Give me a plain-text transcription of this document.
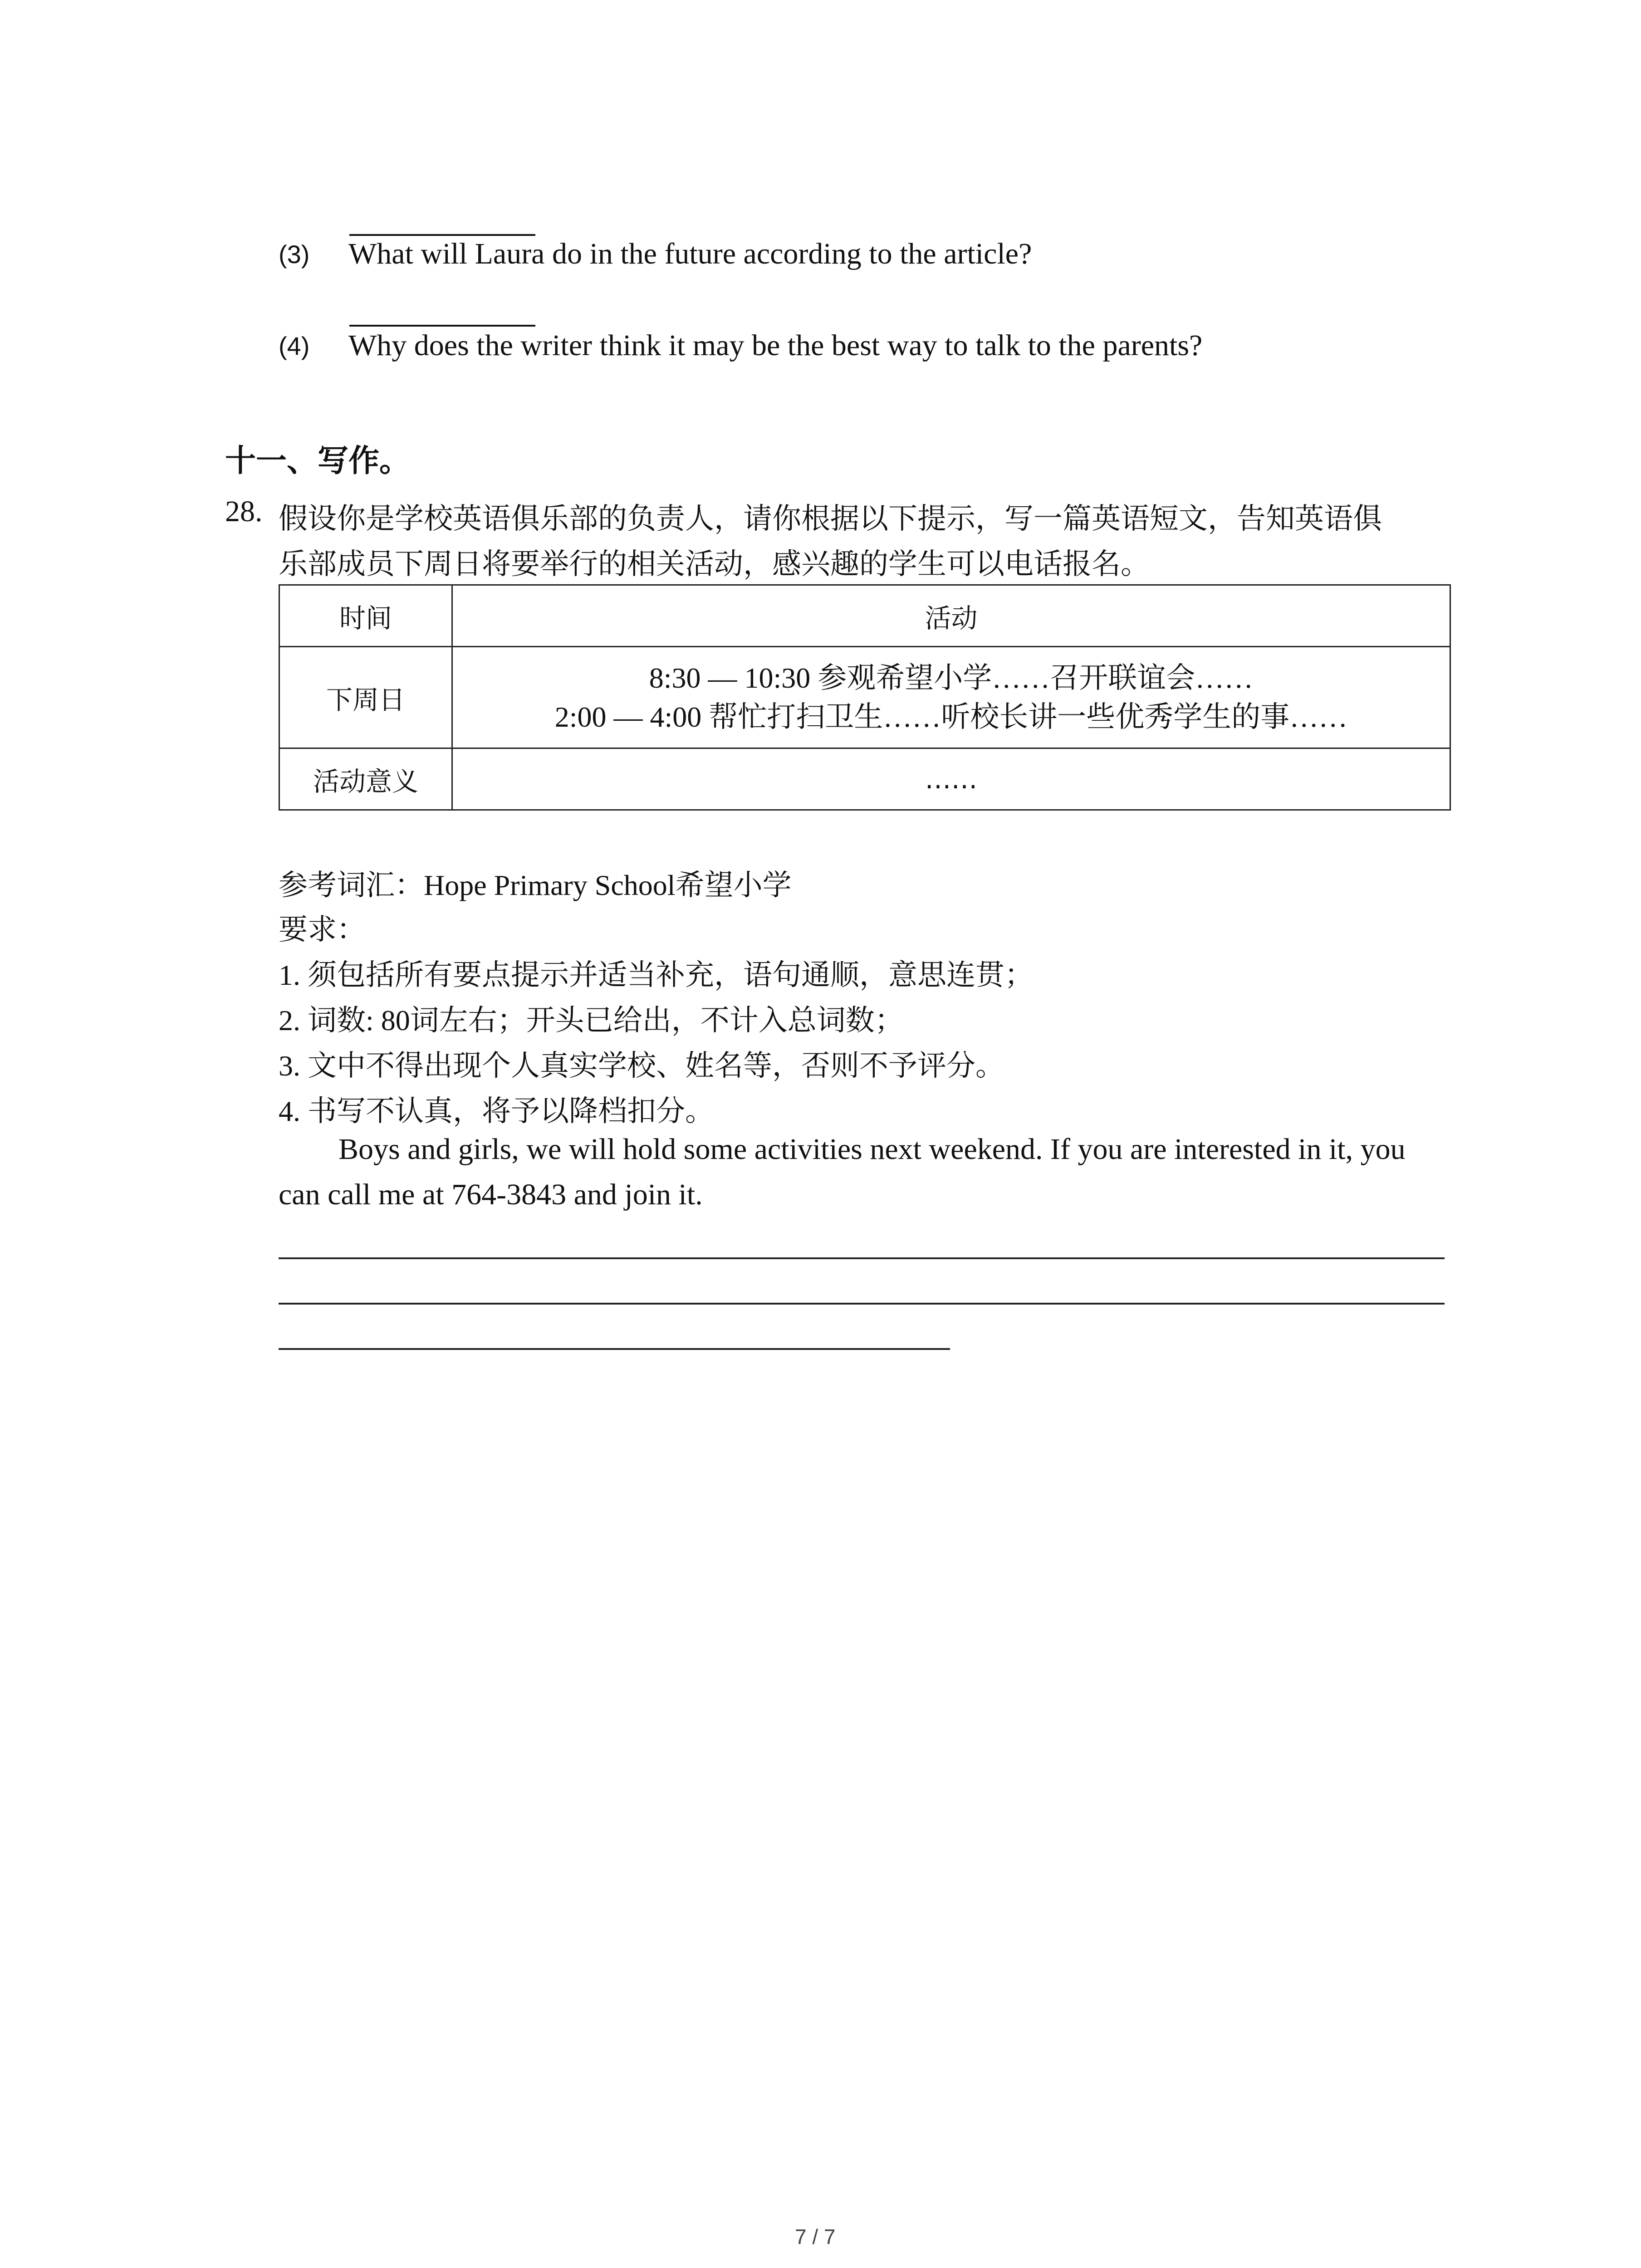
(3) What will Laura do in the future according to the article?
(4) Why does the writer think it may be the best way to talk to the parents?
十一、写作。
28. 假设你是学校英语俱乐部的负责人，请你根据以下提示，写一篇英语短文，告知英语俱
乐部成员下周日将要举行的相关活动，感兴趣的学生可以电话报名。
时间	活动
下周日	8:30 — 10:30 参观希望小学……召开联谊会……
2:00 — 4:00 帮忙打扫卫生……听校长讲一些优秀学生的事……

活动意义	……
参考词汇：Hope Primary School希望小学
要求：
1. 须包括所有要点提示并适当补充，语句通顺，意思连贯；
2. 词数: 80词左右；开头已给出，不计入总词数；
3. 文中不得出现个人真实学校、姓名等，否则不予评分。
4. 书写不认真，将予以降档扣分。
Boys and girls, we will hold some activities next weekend. If you are interested in it, you
can call me at 764-3843 and join it.
7 / 7
